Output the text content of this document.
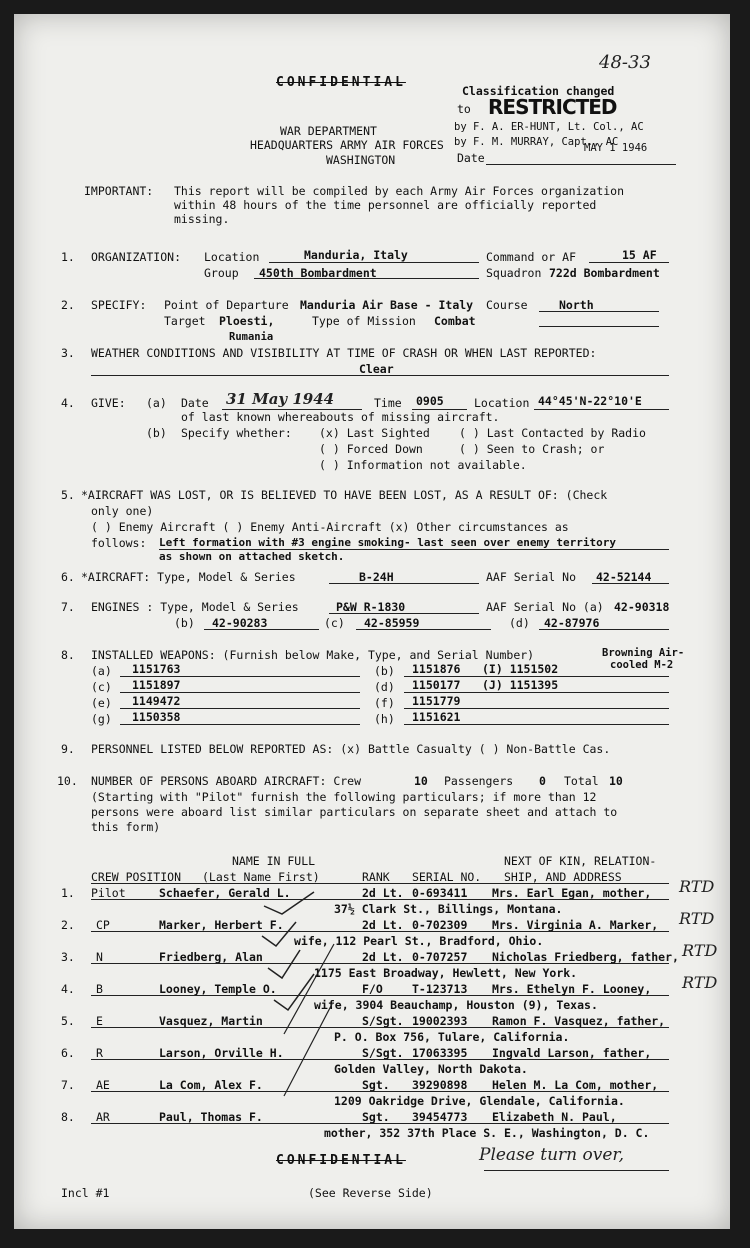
CONFIDENTIAL
Classification changed
48-33
to RESTRICTED
by F. A. ER-HUNT, Lt. Col., AC
by F. M. MURRAY, Capt., AC
Date
MAY 1 1946
WAR DEPARTMENT
HEADQUARTERS ARMY AIR FORCES
WASHINGTON
IMPORTANT: This report will be compiled by each Army Air Forces organization
within 48 hours of the time personnel are officially reported
missing.
1. ORGANIZATION: Location	Manduria, Italy	Command or AF	15 AF
Group 450th Bombardment	Squadron 722d Bombardment
2. SPECIFY: Point of Departure Manduria Air Base - Italy Course	North
Target Ploesti,	Type of Mission Combat
Rumania
3. WEATHER CONDITIONS AND VISIBILITY AT TIME OF CRASH OR WHEN LAST REPORTED:
Clear
4. GIVE: (a) Date 31 May 1944	Time 0905	Location 44°45'N-22°10'E
of last known whereabouts of missing aircraft.
(b) Specify whether: (x) Last Sighted	( ) Last Contacted by Radio
( ) Forced Down	( ) Seen to Crash; or
( ) Information not available.
5. *AIRCRAFT WAS LOST, OR IS BELIEVED TO HAVE BEEN LOST, AS A RESULT OF: (Check
only one)
( ) Enemy Aircraft ( ) Enemy Anti-Aircraft (x) Other circumstances as
follows: Left formation with #3 engine smoking- last seen over enemy territory
as shown on attached sketch.
6. *AIRCRAFT: Type, Model & Series	B-24H	AAF Serial No 42-52144
7. ENGINES : Type, Model & Series	P&W R-1830	AAF Serial No (a) 42-90318
(b) 42-90283	(c) 42-85959	(d) 42-87976
8. INSTALLED WEAPONS: (Furnish below Make, Type, and Serial Number)	Browning Air-
cooled M-2
(a) 1151763	(b) 1151876 (I) 1151502
(c) 1151897	(d) 1150177 (J) 1151395
(e) 1149472	(f) 1151779
(g) 1150358	(h) 1151621
9. PERSONNEL LISTED BELOW REPORTED AS: (x) Battle Casualty ( ) Non-Battle Cas.
10. NUMBER OF PERSONS ABOARD AIRCRAFT: Crew	10 Passengers 0 Total 10
(Starting with "Pilot" furnish the following particulars; if more than 12
persons were aboard list similar particulars on separate sheet and attach to
this form)
NAME IN FULL	NEXT OF KIN, RELATION-
CREW POSITION (Last Name First)	RANK SERIAL NO. SHIP, AND ADDRESS
1. Pilot	Schaefer, Gerald L.	2d Lt. 0-693411 Mrs. Earl Egan, mother,
37½ Clark St., Billings, Montana.
RTD
2. CP	Marker, Herbert F.	2d Lt. 0-702309 Mrs. Virginia A. Marker,
wife, 112 Pearl St., Bradford, Ohio.
RTD
3. N	Friedberg, Alan	2d Lt. 0-707257 Nicholas Friedberg, father,
1175 East Broadway, Hewlett, New York.
RTD
4. B	Looney, Temple O.	F/O	T-123713 Mrs. Ethelyn F. Looney,
wife, 3904 Beauchamp, Houston (9), Texas.
RTD
5. E	Vasquez, Martin	S/Sgt. 19002393 Ramon F. Vasquez, father,
P. O. Box 756, Tulare, California.
6. R	Larson, Orville H.	S/Sgt. 17063395 Ingvald Larson, father,
Golden Valley, North Dakota.
7. AE	La Com, Alex F.	Sgt. 39290898 Helen M. La Com, mother,
1209 Oakridge Drive, Glendale, California.
8. AR	Paul, Thomas F.	Sgt. 39454773 Elizabeth N. Paul,
mother, 352 37th Place S. E., Washington, D. C.
CONFIDENTIAL	Please turn over,
Incl #1	(See Reverse Side)
